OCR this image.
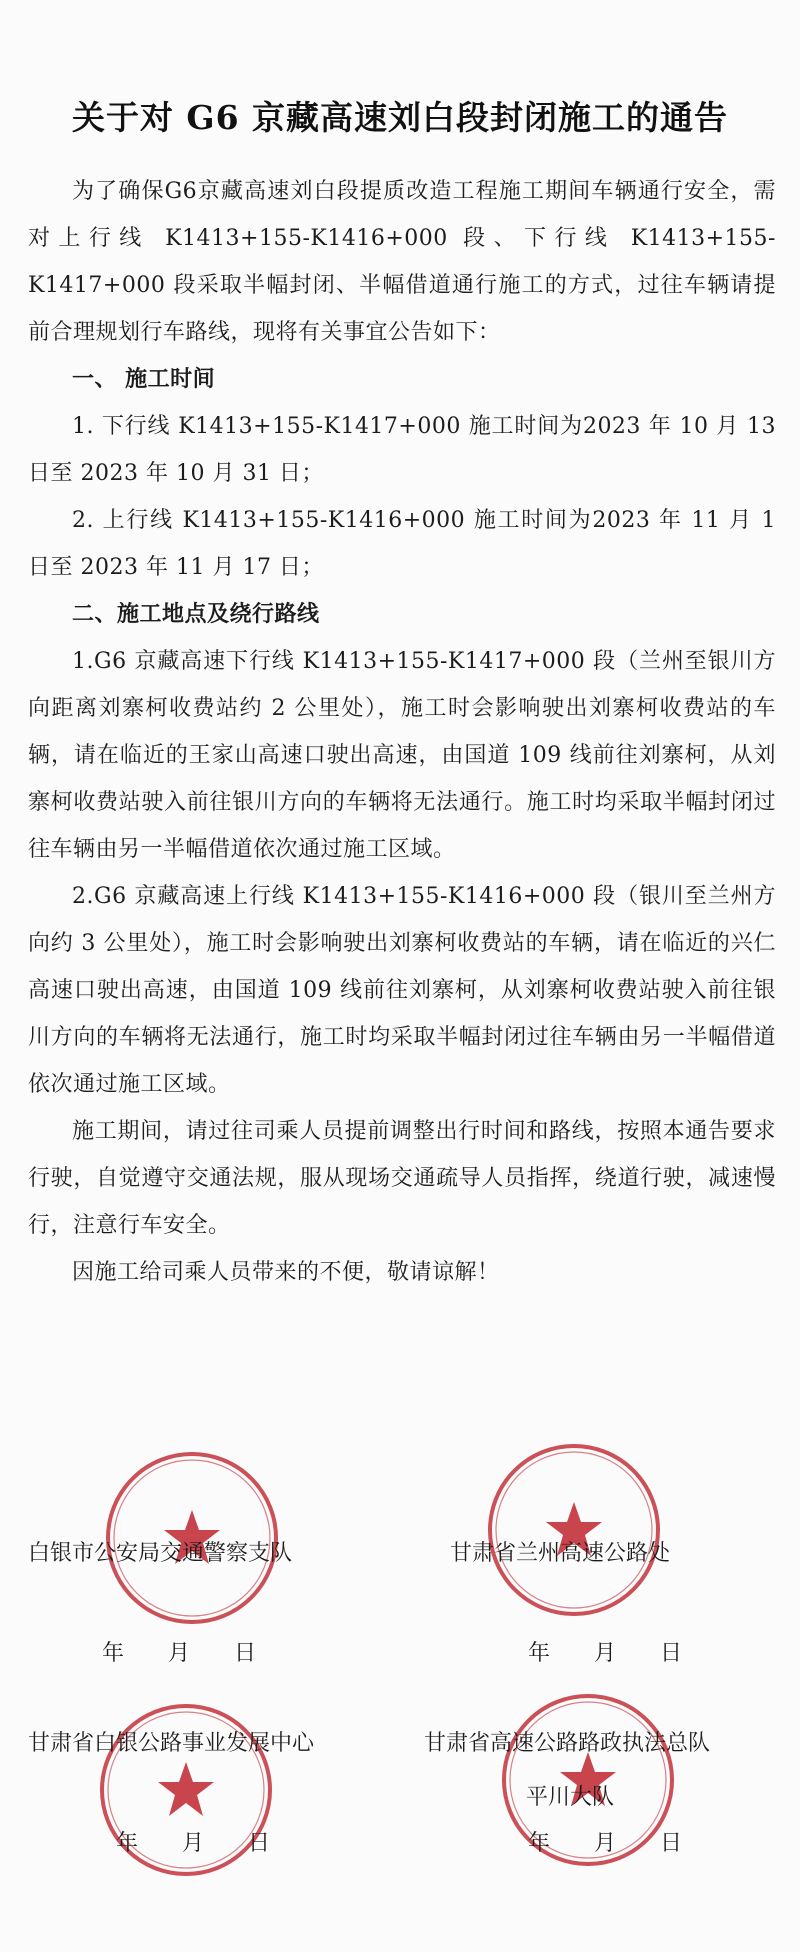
关于对 G6 京藏高速刘白段封闭施工的通告

为了确保G6京藏高速刘白段提质改造工程施工期间车辆通行安全，需对上行线 K1413+155-K1416+000 段、下行线 K1413+155-K1417+000 段采取半幅封闭、半幅借道通行施工的方式，过往车辆请提前合理规划行车路线，现将有关事宜公告如下：

一、 施工时间

1. 下行线 K1413+155-K1417+000 施工时间为2023 年 10 月 13 日至 2023 年 10 月 31 日；

2. 上行线 K1413+155-K1416+000 施工时间为2023 年 11 月 1 日至 2023 年 11 月 17 日；

二、施工地点及绕行路线

1.G6 京藏高速下行线 K1413+155-K1417+000 段（兰州至银川方向距离刘寨柯收费站约 2 公里处），施工时会影响驶出刘寨柯收费站的车辆，请在临近的王家山高速口驶出高速，由国道 109 线前往刘寨柯，从刘寨柯收费站驶入前往银川方向的车辆将无法通行。施工时均采取半幅封闭过往车辆由另一半幅借道依次通过施工区域。

2.G6 京藏高速上行线 K1413+155-K1416+000 段（银川至兰州方向约 3 公里处），施工时会影响驶出刘寨柯收费站的车辆，请在临近的兴仁高速口驶出高速，由国道 109 线前往刘寨柯，从刘寨柯收费站驶入前往银川方向的车辆将无法通行，施工时均采取半幅封闭过往车辆由另一半幅借道依次通过施工区域。

施工期间，请过往司乘人员提前调整出行时间和路线，按照本通告要求行驶，自觉遵守交通法规，服从现场交通疏导人员指挥，绕道行驶，减速慢行，注意行车安全。

因施工给司乘人员带来的不便，敬请谅解！

白银市公安局交通警察支队	甘肃省兰州高速公路处
年　　月　　日	年　　月　　日
甘肃省白银公路事业发展中心	甘肃省高速公路路政执法总队
平川大队
年　　月　　日	年　　月　　日
